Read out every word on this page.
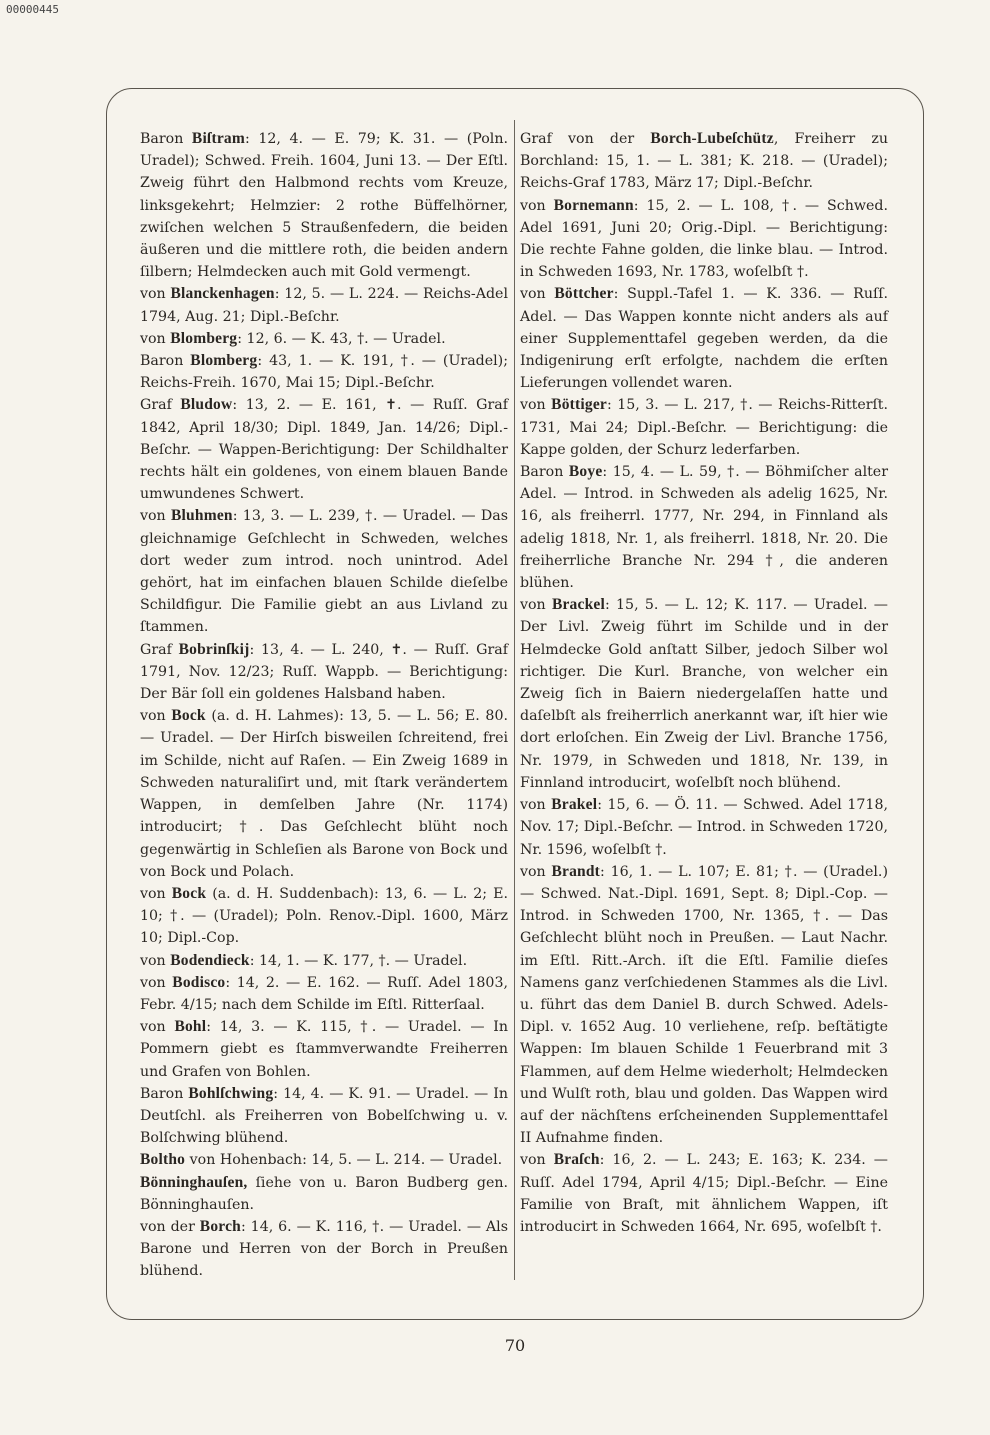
00000445

Baron Biſtram: 12, 4. — E. 79; K. 31. — (Poln. Uradel); Schwed. Freih. 1604, Juni 13. — Der Eſtl. Zweig führt den Halbmond rechts vom Kreuze, linksgekehrt; Helmzier: 2 rothe Büffelhörner, zwiſchen welchen 5 Straußenfedern, die beiden äußeren und die mittlere roth, die beiden andern ſilbern; Helmdecken auch mit Gold vermengt.

von Blanckenhagen: 12, 5. — L. 224. — Reichs-Adel 1794, Aug. 21; Dipl.-Beſchr.

von Blomberg: 12, 6. — K. 43, †. — Uradel.

Baron Blomberg: 43, 1. — K. 191, †. — (Uradel); Reichs-Freih. 1670, Mai 15; Dipl.-Beſchr.

Graf Bludow: 13, 2. — E. 161, ✝. — Ruſſ. Graf 1842, April 18/30; Dipl. 1849, Jan. 14/26; Dipl.-Beſchr. — Wappen-Berichtigung: Der Schildhalter rechts hält ein goldenes, von einem blauen Bande umwundenes Schwert.

von Bluhmen: 13, 3. — L. 239, †. — Uradel. — Das gleichnamige Geſchlecht in Schweden, welches dort weder zum introd. noch unintrod. Adel gehört, hat im einfachen blauen Schilde dieſelbe Schildfigur. Die Familie giebt an aus Livland zu ſtammen.

Graf Bobrinſkij: 13, 4. — L. 240, ✝. — Ruſſ. Graf 1791, Nov. 12/23; Ruſſ. Wappb. — Berichtigung: Der Bär ſoll ein goldenes Halsband haben.

von Bock (a. d. H. Lahmes): 13, 5. — L. 56; E. 80. — Uradel. — Der Hirſch bisweilen ſchreitend, frei im Schilde, nicht auf Raſen. — Ein Zweig 1689 in Schweden naturaliſirt und, mit ſtark verändertem Wappen, in demſelben Jahre (Nr. 1174) introducirt; †. Das Geſchlecht blüht noch gegenwärtig in Schleſien als Barone von Bock und von Bock und Polach.

von Bock (a. d. H. Suddenbach): 13, 6. — L. 2; E. 10; †. — (Uradel); Poln. Renov.-Dipl. 1600, März 10; Dipl.-Cop.

von Bodendieck: 14, 1. — K. 177, †. — Uradel.

von Bodisco: 14, 2. — E. 162. — Ruſſ. Adel 1803, Febr. 4/15; nach dem Schilde im Eſtl. Ritterſaal.

von Bohl: 14, 3. — K. 115, †. — Uradel. — In Pommern giebt es ſtammverwandte Freiherren und Grafen von Bohlen.

Baron Bohlſchwing: 14, 4. — K. 91. — Uradel. — In Deutſchl. als Freiherren von Bobelſchwing u. v. Bolſchwing blühend.

Boltho von Hohenbach: 14, 5. — L. 214. — Uradel.

Bönninghauſen, ſiehe von u. Baron Budberg gen. Bönninghauſen.

von der Borch: 14, 6. — K. 116, †. — Uradel. — Als Barone und Herren von der Borch in Preußen blühend.

Graf von der Borch-Lubeſchütz, Freiherr zu Borchland: 15, 1. — L. 381; K. 218. — (Uradel); Reichs-Graf 1783, März 17; Dipl.-Beſchr.

von Bornemann: 15, 2. — L. 108, †. — Schwed. Adel 1691, Juni 20; Orig.-Dipl. — Berichtigung: Die rechte Fahne golden, die linke blau. — Introd. in Schweden 1693, Nr. 1783, woſelbſt †.

von Böttcher: Suppl.-Tafel 1. — K. 336. — Ruſſ. Adel. — Das Wappen konnte nicht anders als auf einer Supplementtafel gegeben werden, da die Indigenirung erſt erfolgte, nachdem die erſten Lieferungen vollendet waren.

von Böttiger: 15, 3. — L. 217, †. — Reichs-Ritterſt. 1731, Mai 24; Dipl.-Beſchr. — Berichtigung: die Kappe golden, der Schurz lederfarben.

Baron Boye: 15, 4. — L. 59, †. — Böhmiſcher alter Adel. — Introd. in Schweden als adelig 1625, Nr. 16, als freiherrl. 1777, Nr. 294, in Finnland als adelig 1818, Nr. 1, als freiherrl. 1818, Nr. 20. Die freiherrliche Branche Nr. 294 †, die anderen blühen.

von Brackel: 15, 5. — L. 12; K. 117. — Uradel. — Der Livl. Zweig führt im Schilde und in der Helmdecke Gold anſtatt Silber, jedoch Silber wol richtiger. Die Kurl. Branche, von welcher ein Zweig ſich in Baiern niedergelaſſen hatte und daſelbſt als freiherrlich anerkannt war, iſt hier wie dort erloſchen. Ein Zweig der Livl. Branche 1756, Nr. 1979, in Schweden und 1818, Nr. 139, in Finnland introducirt, woſelbſt noch blühend.

von Brakel: 15, 6. — Ö. 11. — Schwed. Adel 1718, Nov. 17; Dipl.-Beſchr. — Introd. in Schweden 1720, Nr. 1596, woſelbſt †.

von Brandt: 16, 1. — L. 107; E. 81; †. — (Uradel.) — Schwed. Nat.-Dipl. 1691, Sept. 8; Dipl.-Cop. — Introd. in Schweden 1700, Nr. 1365, †. — Das Geſchlecht blüht noch in Preußen. — Laut Nachr. im Eſtl. Ritt.-Arch. iſt die Eſtl. Familie dieſes Namens ganz verſchiedenen Stammes als die Livl. u. führt das dem Daniel B. durch Schwed. Adels-Dipl. v. 1652 Aug. 10 verliehene, reſp. beſtätigte Wappen: Im blauen Schilde 1 Feuerbrand mit 3 Flammen, auf dem Helme wiederholt; Helmdecken und Wulſt roth, blau und golden. Das Wappen wird auf der nächſtens erſcheinenden Supplementtafel II Aufnahme finden.

von Braſch: 16, 2. — L. 243; E. 163; K. 234. — Ruſſ. Adel 1794, April 4/15; Dipl.-Beſchr. — Eine Familie von Braſt, mit ähnlichem Wappen, iſt introducirt in Schweden 1664, Nr. 695, woſelbſt †.

70
